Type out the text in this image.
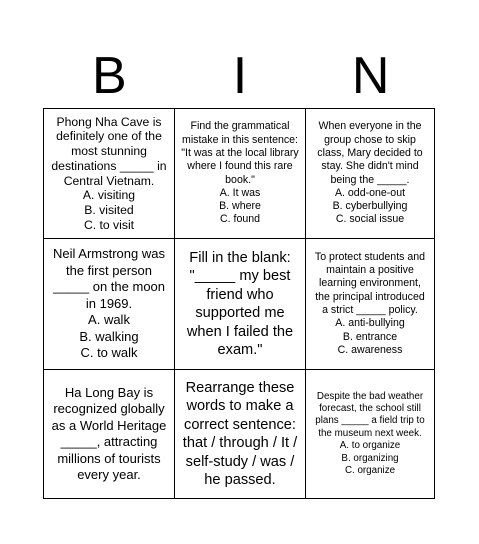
B	I	N
Phong Nha Cave is definitely one of the most stunning destinations _____ in Central Vietnam.
A. visiting
B. visited
C. to visit
Find the grammatical mistake in this sentence: "It was at the local library where I found this rare book."
A. It was
B. where
C. found
When everyone in the group chose to skip class, Mary decided to stay. She didn't mind being the _____.
A. odd-one-out
B. cyberbullying
C. social issue
Neil Armstrong was the first person _____ on the moon in 1969.
A. walk
B. walking
C. to walk
Fill in the blank: "_____ my best friend who supported me when I failed the exam."
To protect students and maintain a positive learning environment, the principal introduced a strict _____ policy.
A. anti-bullying
B. entrance
C. awareness
Ha Long Bay is recognized globally as a World Heritage _____, attracting millions of tourists every year.
Rearrange these words to make a correct sentence: that / through / It / self-study / was / he passed.
Despite the bad weather forecast, the school still plans _____ a field trip to the museum next week.
A. to organize
B. organizing
C. organize
